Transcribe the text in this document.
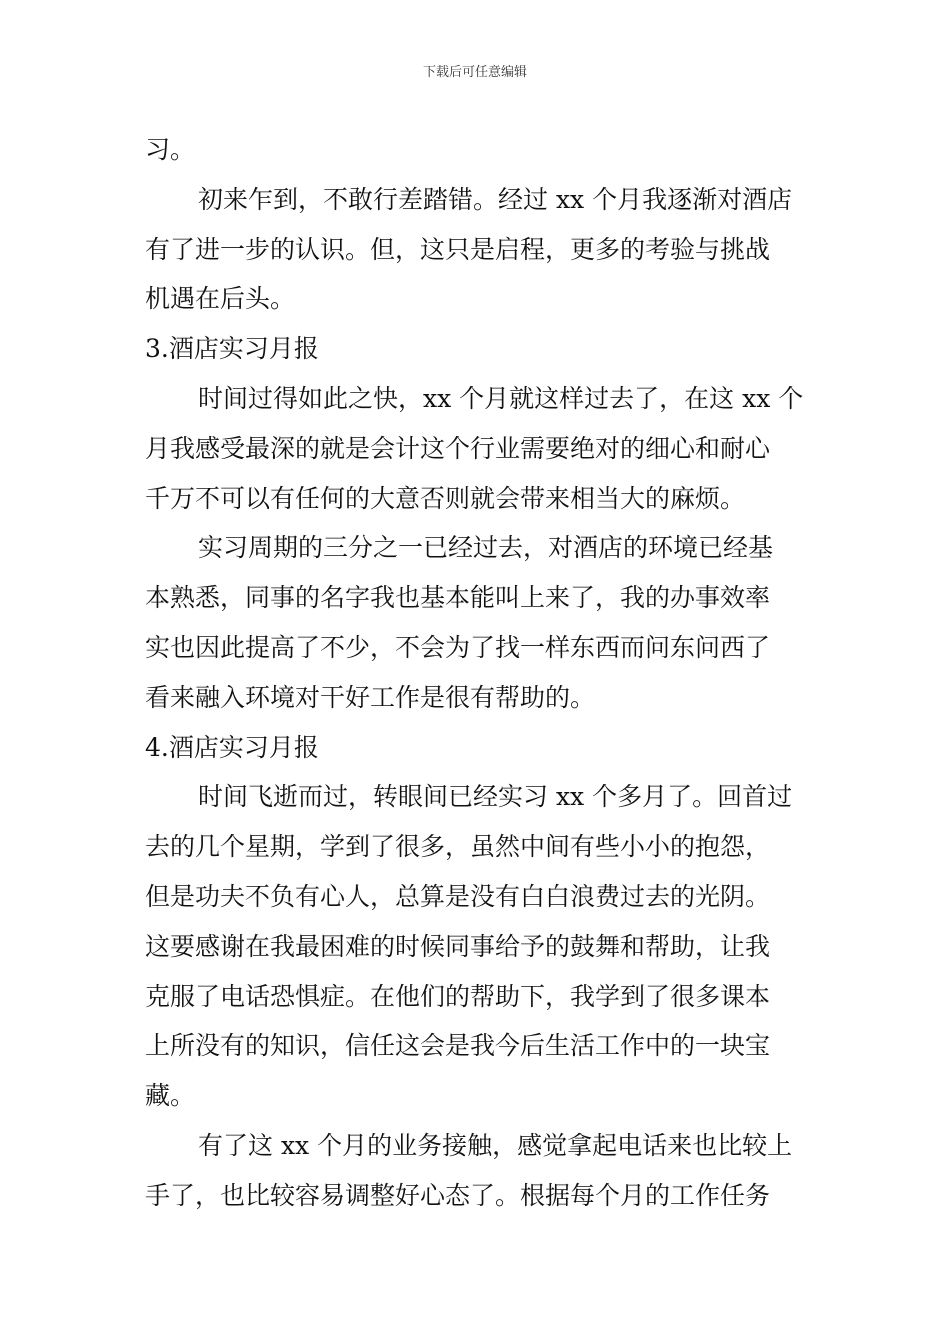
下载后可任意编辑
习。
初来乍到，不敢行差踏错。经过 xx 个月我逐渐对酒店
有了进一步的认识。但，这只是启程，更多的考验与挑战
机遇在后头。
3.酒店实习月报
时间过得如此之快，xx 个月就这样过去了，在这 xx 个
月我感受最深的就是会计这个行业需要绝对的细心和耐心
千万不可以有任何的大意否则就会带来相当大的麻烦。
实习周期的三分之一已经过去，对酒店的环境已经基
本熟悉，同事的名字我也基本能叫上来了，我的办事效率
实也因此提高了不少，不会为了找一样东西而问东问西了
看来融入环境对干好工作是很有帮助的。
4.酒店实习月报
时间飞逝而过，转眼间已经实习 xx 个多月了。回首过
去的几个星期，学到了很多，虽然中间有些小小的抱怨，
但是功夫不负有心人，总算是没有白白浪费过去的光阴。
这要感谢在我最困难的时候同事给予的鼓舞和帮助，让我
克服了电话恐惧症。在他们的帮助下，我学到了很多课本
上所没有的知识，信任这会是我今后生活工作中的一块宝
藏。
有了这 xx 个月的业务接触，感觉拿起电话来也比较上
手了，也比较容易调整好心态了。根据每个月的工作任务
